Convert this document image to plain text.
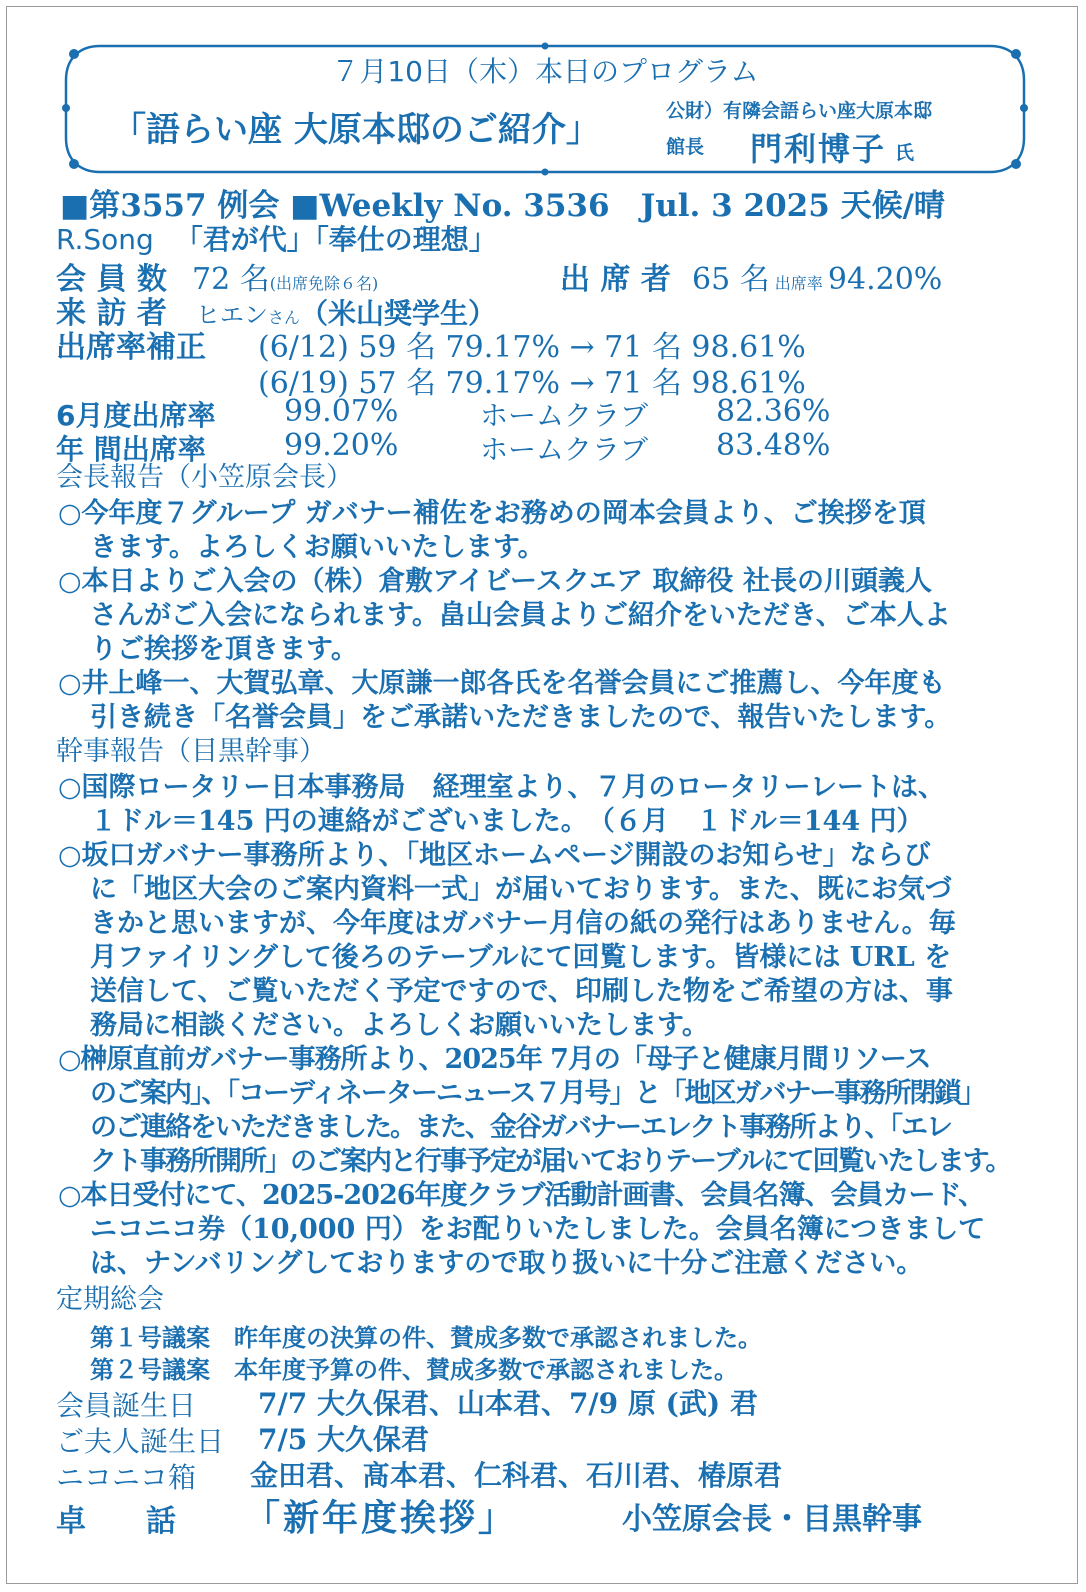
７月10日（木）本日のプログラム
「語らい座 大原本邸のご紹介」	公財）有隣会語らい座大原本邸
館長 門利博子 氏
■第3557 例会 ■Weekly No. 3536　Jul. 3 2025 天候/晴
R.Song 「君が代」「奉仕の理想」
会 員 数 72 名(出席免除６名)	出 席 者 65 名 出席率 94.20%
来 訪 者 ヒエンさん（米山奨学生）
出席率補正 (6/12) 59 名 79.17% → 71 名 98.61%
(6/19) 57 名 79.17% → 71 名 98.61%
6月度出席率 99.07%	ホームクラブ 82.36%
年 間出席率	99.20%	ホームクラブ 83.48%
会長報告（小笠原会長）
○今年度７グループ ガバナー補佐をお務めの岡本会員より、ご挨拶を頂
きます。よろしくお願いいたします。
○本日よりご入会の（株）倉敷アイビースクエア 取締役 社長の川頭義人
さんがご入会になられます。畠山会員よりご紹介をいただき、ご本人よ
りご挨拶を頂きます。
○井上峰一、大賀弘章、大原謙一郎各氏を名誉会員にご推薦し、今年度も
引き続き「名誉会員」をご承諾いただきましたので、報告いたします。
幹事報告（目黒幹事）
○国際ロータリー日本事務局　経理室より、７月のロータリーレートは、
１ドル＝145 円の連絡がございました。　（６月　１ドル＝144 円）
○坂口ガバナー事務所より、「地区ホームページ開設のお知らせ」ならび
に「地区大会のご案内資料一式」が届いております。また、既にお気づ
きかと思いますが、今年度はガバナー月信の紙の発行はありません。毎
月ファイリングして後ろのテーブルにて回覧します。皆様には URL を
送信して、ご覧いただく予定ですので、印刷した物をご希望の方は、事
務局に相談ください。よろしくお願いいたします。
○榊原直前ガバナー事務所より、2025年 7月の「母子と健康月間リソース
のご案内」、「コーディネーターニュース７月号」と「地区ガバナー事務所閉鎖」
のご連絡をいただきました。また、金谷ガバナーエレクト事務所より、「エレ
クト事務所開所」のご案内と行事予定が届いておりテーブルにて回覧いたします。
○本日受付にて、2025-2026年度クラブ活動計画書、会員名簿、会員カード、
ニコニコ券（10,000 円）をお配りいたしました。会員名簿につきまして
は、ナンバリングしておりますので取り扱いに十分ご注意ください。
定期総会
第１号議案　昨年度の決算の件、賛成多数で承認されました。
第２号議案　本年度予算の件、賛成多数で承認されました。
会員誕生日 7/7 大久保君、山本君、7/9 原 (武) 君
ご夫人誕生日 7/5 大久保君
ニコニコ箱 金田君、髙本君、仁科君、石川君、椿原君
卓　　話 「新年度挨拶」	小笠原会長・目黒幹事
